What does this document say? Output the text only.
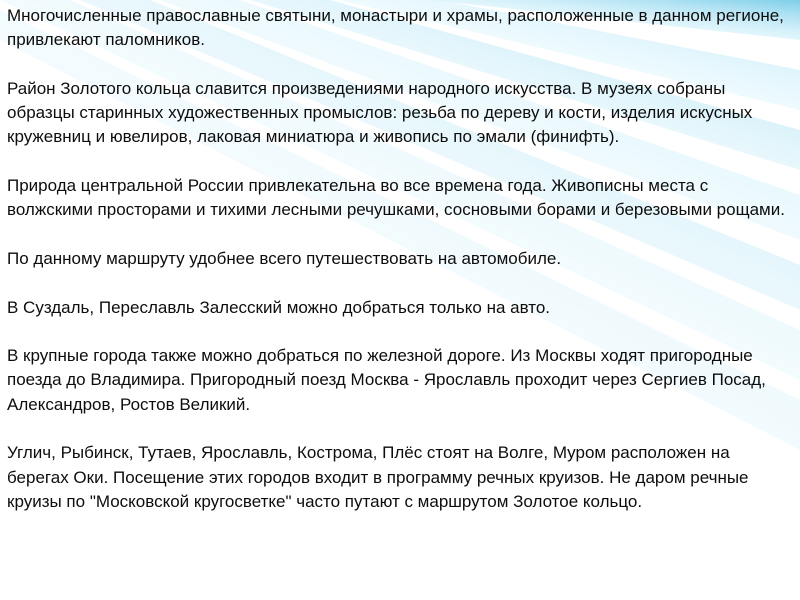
Многочисленные православные святыни, монастыри и храмы, расположенные в данном регионе, привлекают паломников.

Район Золотого кольца славится произведениями народного искусства. В музеях собраны образцы старинных художественных промыслов: резьба по дереву и кости, изделия искусных кружевниц и ювелиров, лаковая миниатюра и живопись по эмали (финифть).

Природа центральной России привлекательна во все времена года. Живописны места с волжскими просторами и тихими лесными речушками, сосновыми борами и березовыми рощами.

По данному маршруту удобнее всего путешествовать на автомобиле.

В Суздаль, Переславль Залесский можно добраться только на авто.

В крупные города также можно добраться по железной дороге. Из Москвы ходят пригородные поезда до Владимира. Пригородный поезд Москва - Ярославль проходит через Сергиев Посад, Александров, Ростов Великий.

Углич, Рыбинск, Тутаев, Ярославль, Кострома, Плёс стоят на Волге, Муром расположен на берегах Оки. Посещение этих городов входит в программу речных круизов. Не даром речные круизы по "Московской кругосветке" часто путают с маршрутом Золотое кольцо.
